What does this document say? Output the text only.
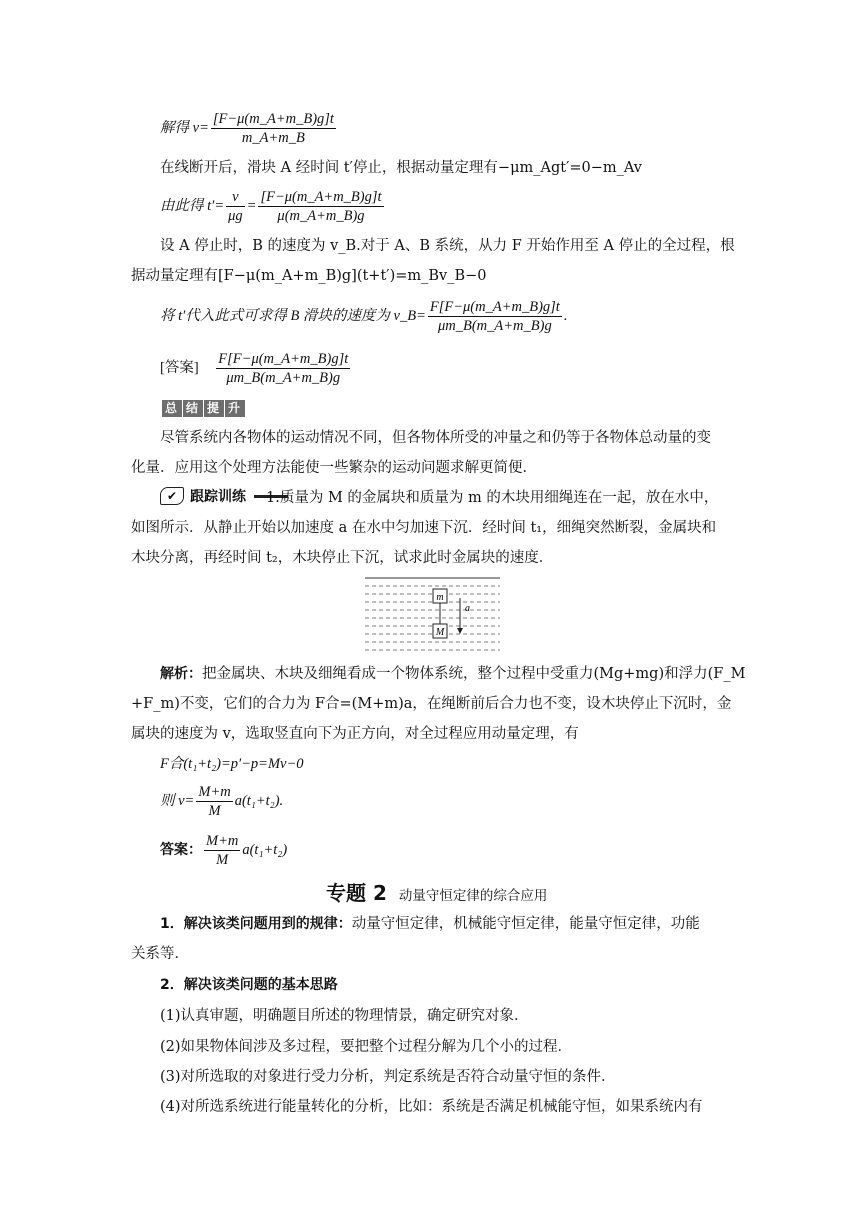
解得 $v= \frac{[F-\mu(m\_A+m\_B)g]t}{m\_A+m\_B}$
在线断开后，滑块 A 经时间 t′停止，根据动量定理有−μm_Agt′=0−m_Av
由此得 $t'= \frac{v}{\mu g} = \frac{[F-\mu(m\_A+m\_B)g]t}{\mu(m\_A+m\_B)g}$
设 A 停止时，B 的速度为 v_B.对于 A、B 系统，从力 F 开始作用至 A 停止的全过程，根
据动量定理有[F−μ(m_A+m_B)g](t+t′)=m_Bv_B−0
将 t′代入此式可求得 B 滑块的速度为 v_B= $\frac{F[F-\mu(m\_A+m\_B)g]t}{\mu m\_B(m\_A+m\_B)g}$ .
[答案] $\frac{F[F-\mu(m\_A+m\_B)g]t}{\mu m\_B(m\_A+m\_B)g}$
总 结 提 升
尽管系统内各物体的运动情况不同，但各物体所受的冲量之和仍等于各物体总动量的变
化量．应用这个处理方法能使一些繁杂的运动问题求解更简便．
✔ 跟踪训练 1.质量为 M 的金属块和质量为 m 的木块用细绳连在一起，放在水中，
如图所示．从静止开始以加速度 a 在水中匀加速下沉．经时间 t₁，细绳突然断裂，金属块和
木块分离，再经时间 t₂，木块停止下沉，试求此时金属块的速度．
m
M
a
解析：把金属块、木块及细绳看成一个物体系统，整个过程中受重力(Mg+mg)和浮力(F_M
+F_m)不变，它们的合力为 F合=(M+m)a，在绳断前后合力也不变，设木块停止下沉时，金
属块的速度为 v，选取竖直向下为正方向，对全过程应用动量定理，有
F合(t₁+t₂)=p′−p=Mv−0
则 $v= \frac{M+m}{M} a(t_1+t_2)$.
答案： $\frac{M+m}{M} a(t_1+t_2)$
专题 2 动量守恒定律的综合应用
1．解决该类问题用到的规律：动量守恒定律，机械能守恒定律，能量守恒定律，功能
关系等．
2．解决该类问题的基本思路
(1)认真审题，明确题目所述的物理情景，确定研究对象．
(2)如果物体间涉及多过程，要把整个过程分解为几个小的过程．
(3)对所选取的对象进行受力分析，判定系统是否符合动量守恒的条件．
(4)对所选系统进行能量转化的分析，比如：系统是否满足机械能守恒，如果系统内有
